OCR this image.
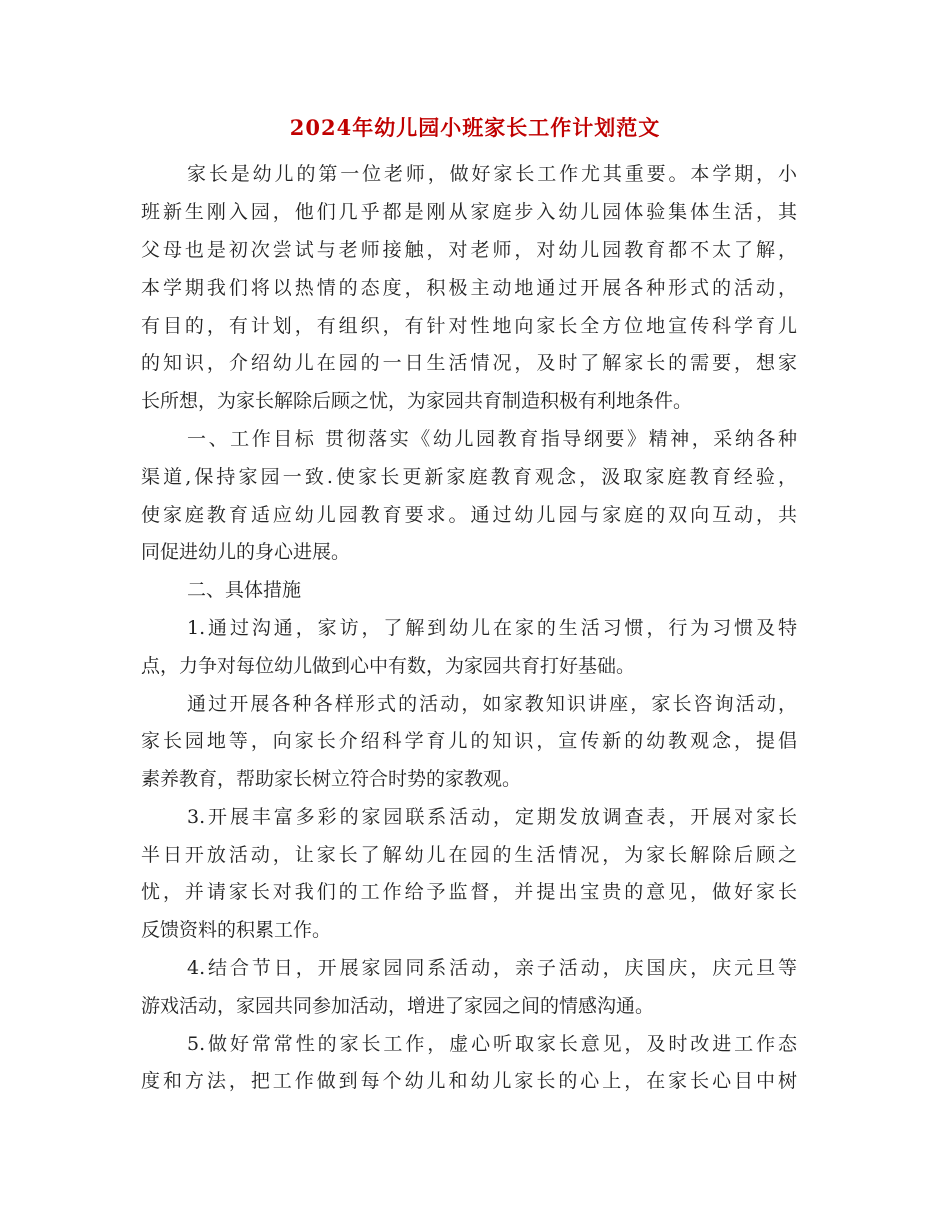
2024年幼儿园小班家长工作计划范文
家长是幼儿的第一位老师，做好家长工作尤其重要。本学期，小
班新生刚入园，他们几乎都是刚从家庭步入幼儿园体验集体生活，其
父母也是初次尝试与老师接触，对老师，对幼儿园教育都不太了解，
本学期我们将以热情的态度，积极主动地通过开展各种形式的活动，
有目的，有计划，有组织，有针对性地向家长全方位地宣传科学育儿
的知识，介绍幼儿在园的一日生活情况，及时了解家长的需要，想家
长所想，为家长解除后顾之忧，为家园共育制造积极有利地条件。
一、工作目标 贯彻落实《幼儿园教育指导纲要》精神，采纳各种
渠道,保持家园一致.使家长更新家庭教育观念，汲取家庭教育经验，
使家庭教育适应幼儿园教育要求。通过幼儿园与家庭的双向互动，共
同促进幼儿的身心进展。
二、具体措施
1.通过沟通，家访，了解到幼儿在家的生活习惯，行为习惯及特
点，力争对每位幼儿做到心中有数，为家园共育打好基础。
通过开展各种各样形式的活动，如家教知识讲座，家长咨询活动，
家长园地等，向家长介绍科学育儿的知识，宣传新的幼教观念，提倡
素养教育，帮助家长树立符合时势的家教观。
3.开展丰富多彩的家园联系活动，定期发放调查表，开展对家长
半日开放活动，让家长了解幼儿在园的生活情况，为家长解除后顾之
忧，并请家长对我们的工作给予监督，并提出宝贵的意见，做好家长
反馈资料的积累工作。
4.结合节日，开展家园同系活动，亲子活动，庆国庆，庆元旦等
游戏活动，家园共同参加活动，增进了家园之间的情感沟通。
5.做好常常性的家长工作，虚心听取家长意见，及时改进工作态
度和方法，把工作做到每个幼儿和幼儿家长的心上，在家长心目中树
